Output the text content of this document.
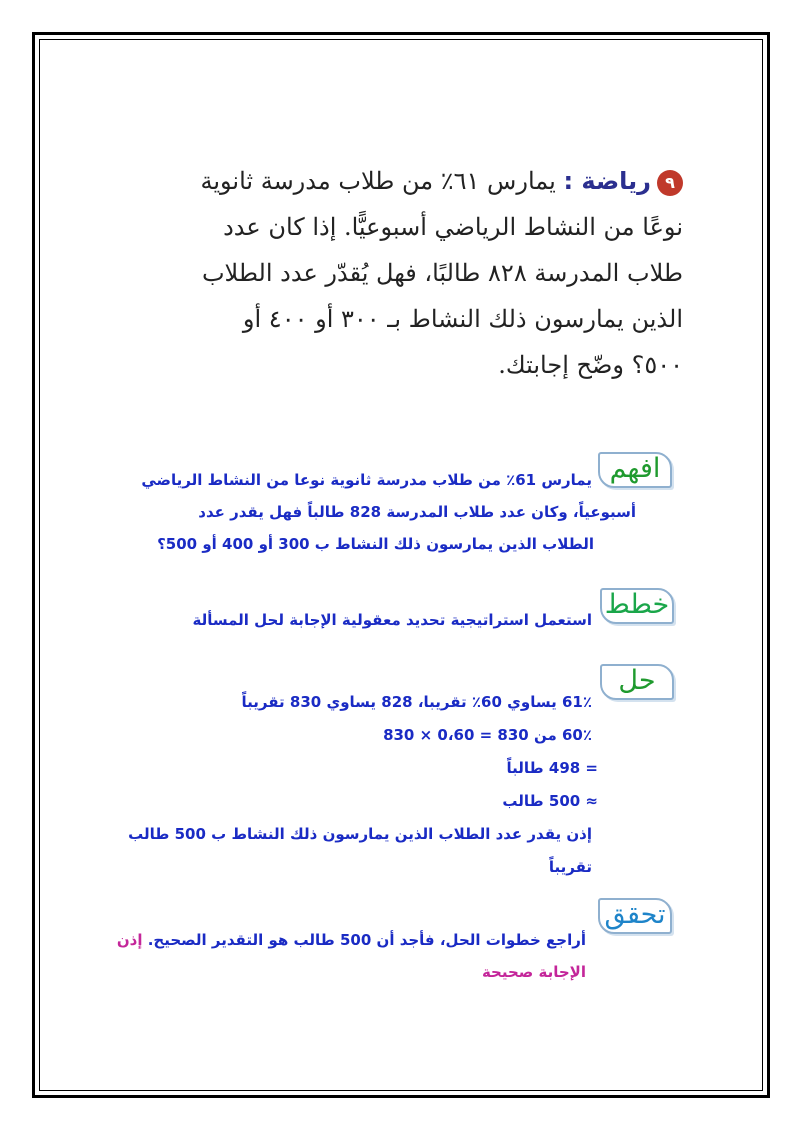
٩رياضة : يمارس ٦١٪ من طلاب مدرسة ثانوية
نوعًا من النشاط الرياضي أسبوعيًّا. إذا كان عدد
طلاب المدرسة ٨٢٨ طالبًا، فهل يُقدّر عدد الطلاب
الذين يمارسون ذلك النشاط بـ ٣٠٠ أو ٤٠٠ أو
٥٠٠؟ وضّح إجابتك.
افهم
يمارس 61٪ من طلاب مدرسة ثانوية نوعا من النشاط الرياضي
أسبوعياً، وكان عدد طلاب المدرسة 828 طالباً فهل يقدر عدد
الطلاب الذين يمارسون ذلك النشاط ب 300 أو 400 أو 500؟
خطط
استعمل استراتيجية تحديد معقولية الإجابة لحل المسألة
حل
61٪ يساوي 60٪ تقريبا، 828 يساوي 830 تقريباً
60٪ من 830 = 0،60 × 830
= 498 طالباً
≈ 500 طالب
إذن يقدر عدد الطلاب الذين يمارسون ذلك النشاط ب 500 طالب
تقريباً
تحقق
أراجع خطوات الحل، فأجد أن 500 طالب هو التقدير الصحيح. إذن
الإجابة صحيحة
